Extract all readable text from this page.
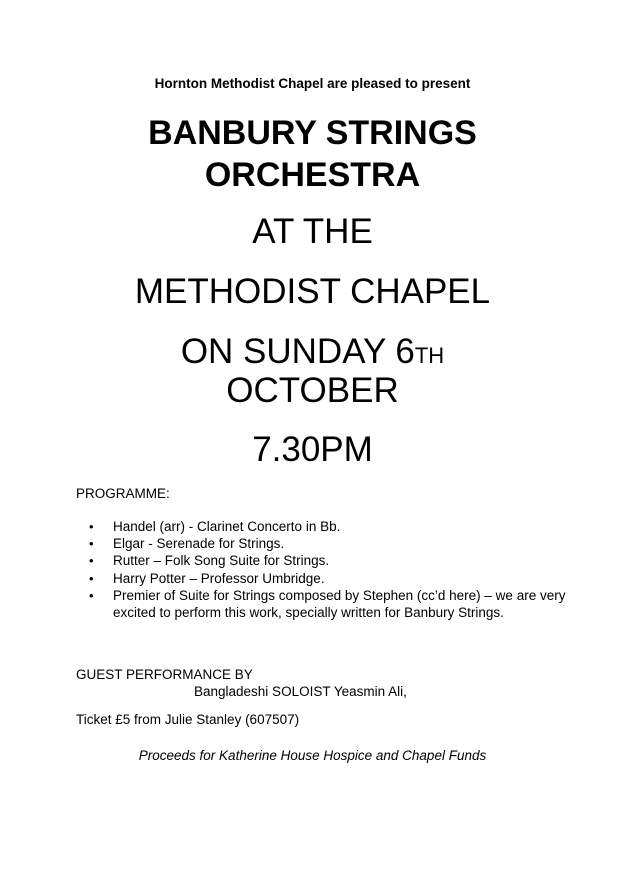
Hornton Methodist Chapel are pleased to present
BANBURY STRINGS
ORCHESTRA
AT THE
METHODIST CHAPEL
ON SUNDAY 6TH
OCTOBER
7.30PM
PROGRAMME:
• Handel (arr) - Clarinet Concerto in Bb.
• Elgar - Serenade for Strings.
• Rutter – Folk Song Suite for Strings.
• Harry Potter – Professor Umbridge.
• Premier of Suite for Strings composed by Stephen (cc’d here) – we are very excited to perform this work, specially written for Banbury Strings.
GUEST PERFORMANCE BY
Bangladeshi SOLOIST Yeasmin Ali,
Ticket £5 from Julie Stanley (607507)
Proceeds for Katherine House Hospice and Chapel Funds
